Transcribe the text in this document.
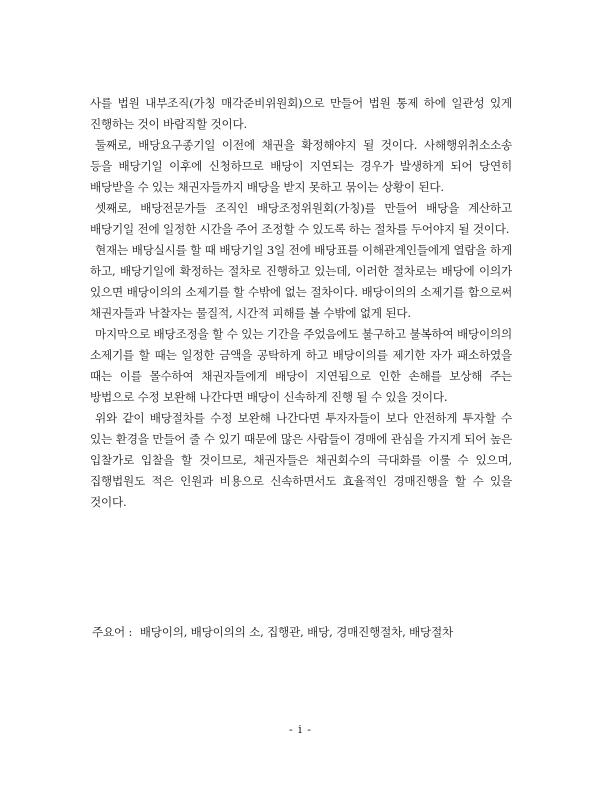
사를 법원 내부조직(가칭 매각준비위원회)으로 만들어 법원 통제 하에 일관성 있게 진행하는 것이 바람직할 것이다.

둘째로, 배당요구종기일 이전에 채권을 확정해야지 될 것이다. 사해행위취소소송 등을 배당기일 이후에 신청하므로 배당이 지연되는 경우가 발생하게 되어 당연히 배당받을 수 있는 채권자들까지 배당을 받지 못하고 묶이는 상황이 된다.

셋째로, 배당전문가들 조직인 배당조정위원회(가칭)를 만들어 배당을 계산하고 배당기일 전에 일정한 시간을 주어 조정할 수 있도록 하는 절차를 두어야지 될 것이다.

현재는 배당실시를 할 때 배당기일 3일 전에 배당표를 이해관계인들에게 열람을 하게 하고, 배당기일에 확정하는 절차로 진행하고 있는데, 이러한 절차로는 배당에 이의가 있으면 배당이의의 소제기를 할 수밖에 없는 절차이다. 배당이의의 소제기를 함으로써 채권자들과 낙찰자는 물질적, 시간적 피해를 볼 수밖에 없게 된다.

마지막으로 배당조정을 할 수 있는 기간을 주었음에도 불구하고 불복하여 배당이의의 소제기를 할 때는 일정한 금액을 공탁하게 하고 배당이의를 제기한 자가 패소하였을 때는 이를 몰수하여 채권자들에게 배당이 지연됨으로 인한 손해를 보상해 주는 방법으로 수정 보완해 나간다면 배당이 신속하게 진행 될 수 있을 것이다.

위와 같이 배당절차를 수정 보완해 나간다면 투자자들이 보다 안전하게 투자할 수 있는 환경을 만들어 줄 수 있기 때문에 많은 사람들이 경매에 관심을 가지게 되어 높은 입찰가로 입찰을 할 것이므로, 채권자들은 채권회수의 극대화를 이룰 수 있으며, 집행법원도 적은 인원과 비용으로 신속하면서도 효율적인 경매진행을 할 수 있을 것이다.

주요어 : 배당이의, 배당이의의 소, 집행관, 배당, 경매진행절차, 배당절차
- i -
